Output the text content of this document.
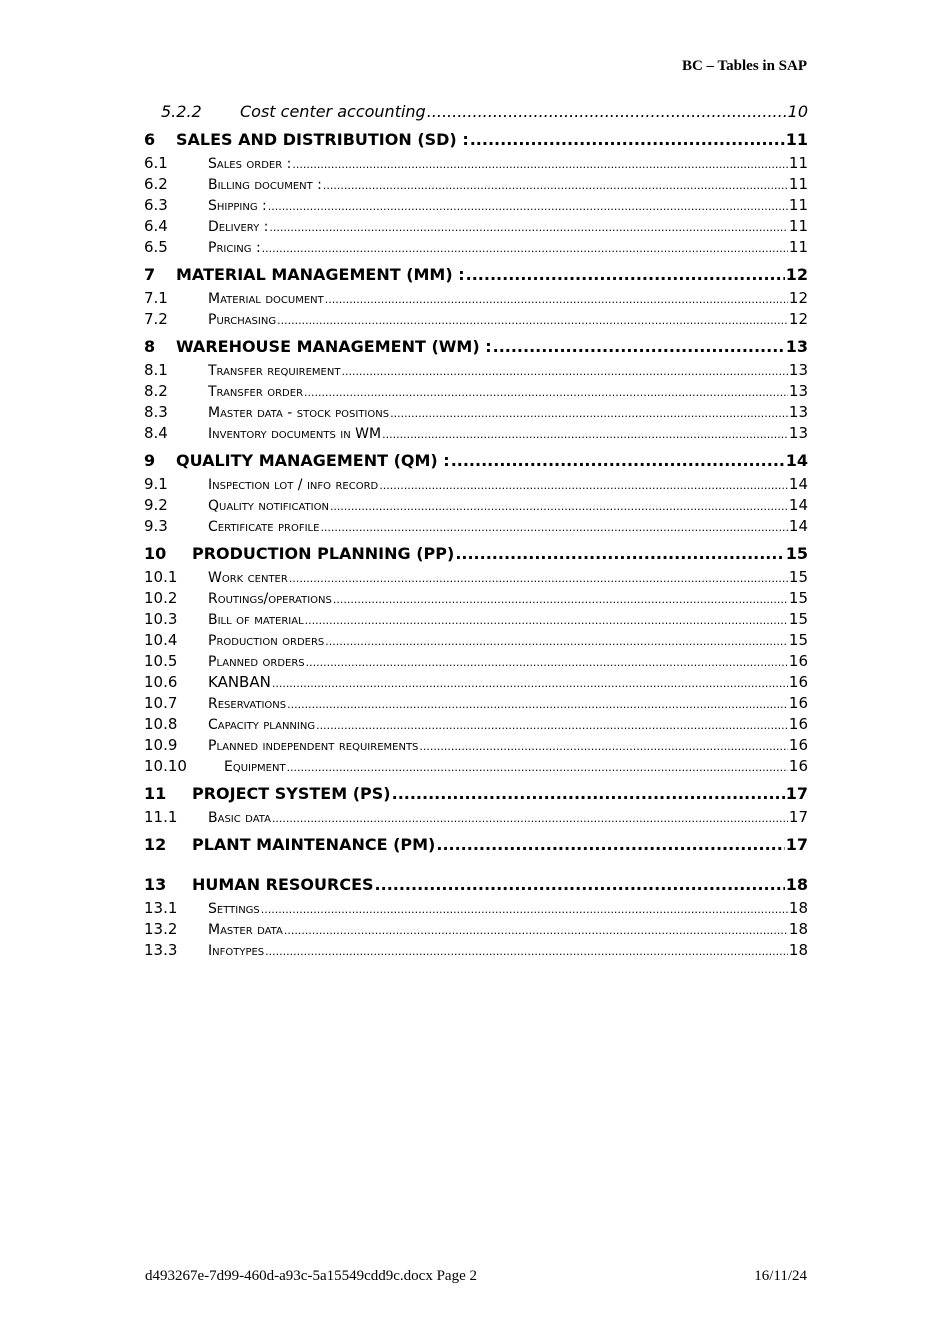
BC – Tables in SAP
5.2.2	Cost center accounting .....	10
6	SALES AND DISTRIBUTION (SD) : .....	11
6.1	Sales order : .....	11
6.2	Billing document : .....	11
6.3	Shipping : .....	11
6.4	Delivery : .....	11
6.5	Pricing : .....	11
7	MATERIAL MANAGEMENT (MM) : .....	12
7.1	Material document .....	12
7.2	Purchasing .....	12
8	WAREHOUSE MANAGEMENT (WM) : .....	13
8.1	Transfer requirement .....	13
8.2	Transfer order .....	13
8.3	Master data - stock positions .....	13
8.4	Inventory documents in WM .....	13
9	QUALITY MANAGEMENT (QM) : .....	14
9.1	Inspection lot / info record .....	14
9.2	Quality notification .....	14
9.3	Certificate profile .....	14
10	PRODUCTION PLANNING (PP) .....	15
10.1	Work center .....	15
10.2	Routings/operations .....	15
10.3	Bill of material .....	15
10.4	Production orders .....	15
10.5	Planned orders .....	16
10.6	KANBAN .....	16
10.7	Reservations .....	16
10.8	Capacity planning .....	16
10.9	Planned independent requirements .....	16
10.10	Equipment .....	16
11	PROJECT SYSTEM (PS) .....	17
11.1	Basic data .....	17
12	PLANT MAINTENANCE (PM) .....	17
13	HUMAN RESOURCES .....	18
13.1	Settings .....	18
13.2	Master data .....	18
13.3	Infotypes .....	18
d493267e-7d99-460d-a93c-5a15549cdd9c.docx Page 2	16/11/24
